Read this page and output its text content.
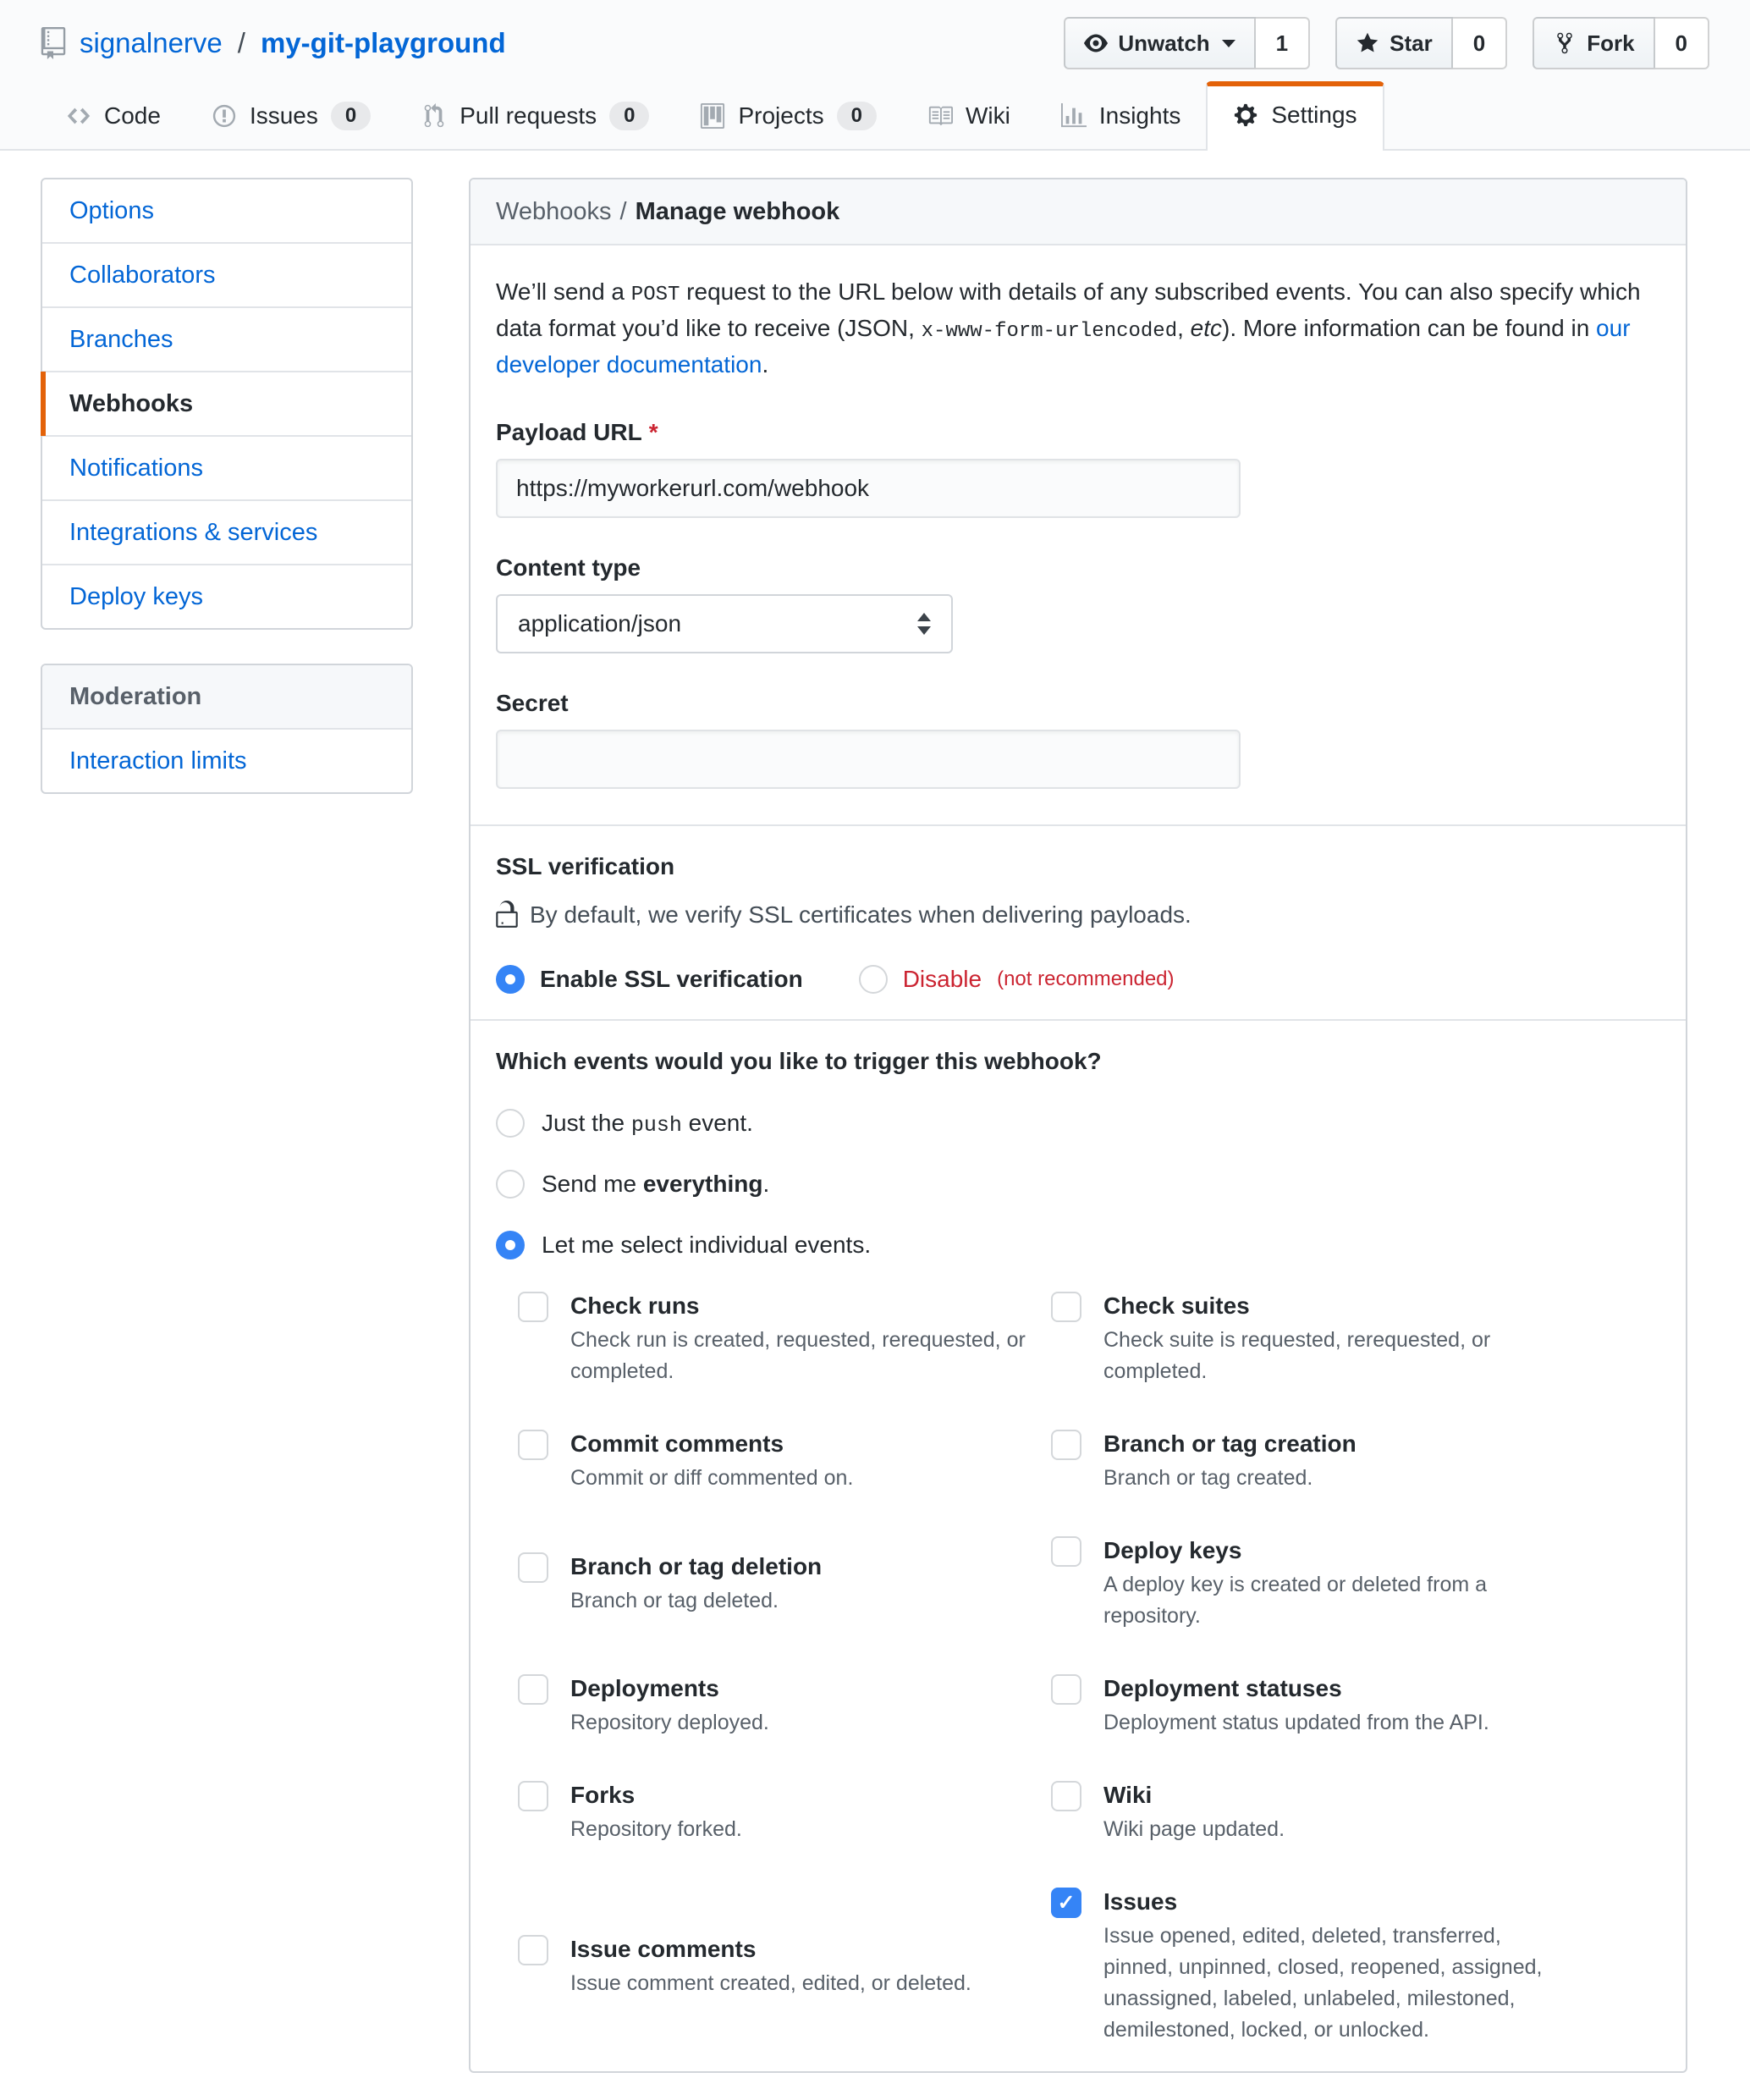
signalnerve / my-git-playground	Unwatch	1	Star	0	Fork	0
Code	Issues	0	Pull requests	0	Projects	0	Wiki	Insights	Settings
Options
Collaborators
Branches
Webhooks
Notifications
Integrations & services
Deploy keys
Moderation
Interaction limits
Webhooks / Manage webhook

We’ll send a POST request to the URL below with details of any subscribed events. You can also specify which data format you’d like to receive (JSON, x-www-form-urlencoded, etc). More information can be found in our developer documentation.

Payload URL *
https://myworkerurl.com/webhook
Content type
application/json
Secret
SSL verification
By default, we verify SSL certificates when delivering payloads.
Enable SSL verification	Disable (not recommended)
Which events would you like to trigger this webhook?
Just the push event.
Send me everything.
Let me select individual events.
Check runs
Check run is created, requested, rerequested, or completed.
Check suites
Check suite is requested, rerequested, or completed.
Commit comments
Commit or diff commented on.
Branch or tag creation
Branch or tag created.
Branch or tag deletion
Branch or tag deleted.
Deploy keys
A deploy key is created or deleted from a repository.
Deployments
Repository deployed.
Deployment statuses
Deployment status updated from the API.
Forks
Repository forked.
Wiki
Wiki page updated.
Issue comments
Issue comment created, edited, or deleted.
✓
Issues
Issue opened, edited, deleted, transferred, pinned, unpinned, closed, reopened, assigned, unassigned, labeled, unlabeled, milestoned, demilestoned, locked, or unlocked.
